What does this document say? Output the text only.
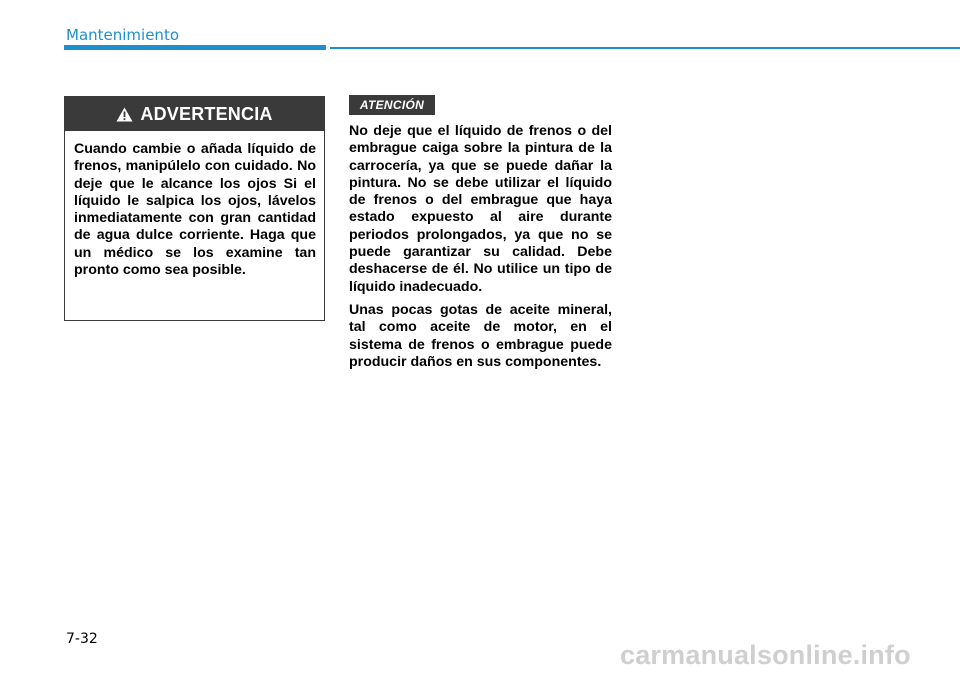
Mantenimiento
ADVERTENCIA
Cuando cambie o añada líquido de frenos, manipúlelo con cuidado. No deje que le alcance los ojos Si el líquido le salpica los ojos, lávelos inmediatamente con gran cantidad de agua dulce corriente. Haga que un médico se los examine tan pronto como sea posible.
ATENCIÓN

No deje que el líquido de frenos o del embrague caiga sobre la pintura de la carrocería, ya que se puede dañar la pintura. No se debe utilizar el líquido de frenos o del embrague que haya estado expuesto al aire durante periodos prolongados, ya que no se puede garantizar su calidad. Debe deshacerse de él. No utilice un tipo de líquido inadecuado.

Unas pocas gotas de aceite mineral, tal como aceite de motor, en el sistema de frenos o embrague puede producir daños en sus componentes.

7-32
carmanualsonline.info
